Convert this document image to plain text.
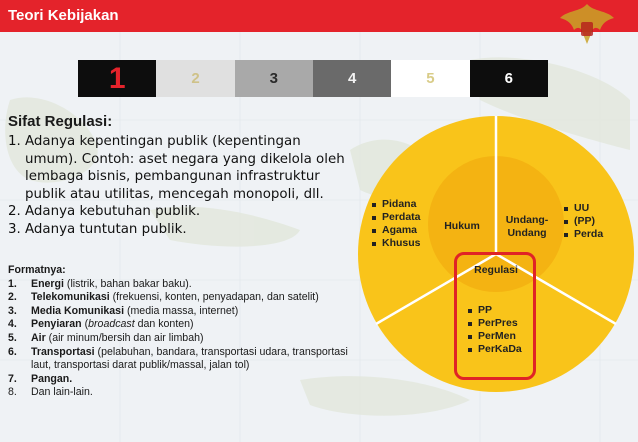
Teori Kebijakan
1	2	3	4	5	6
Sifat Regulasi:
1. Adanya kepentingan publik (kepentingan umum). Contoh: aset negara yang dikelola oleh lembaga bisnis, pembangunan infrastruktur publik atau utilitas, mencegah monopoli, dll.
2. Adanya kebutuhan publik.
3. Adanya tuntutan publik.
Formatnya:
1.	Energi (listrik, bahan bakar baku).
2.	Telekomunikasi (frekuensi, konten, penyadapan, dan satelit)
3.	Media Komunikasi (media massa, internet)
4.	Penyiaran (broadcast dan konten)
5.	Air (air minum/bersih dan air limbah)
6.	Transportasi (pelabuhan, bandara, transportasi udara, transportasi laut, transportasi darat publik/massal, jalan tol)
7.	Pangan.
8.	Dan lain-lain.
Pidana
Perdata
Agama
Khusus
Hukum	Undang-
Undang
UU
(PP)
Perda
Regulasi
PP
PerPres
PerMen
PerKaDa
